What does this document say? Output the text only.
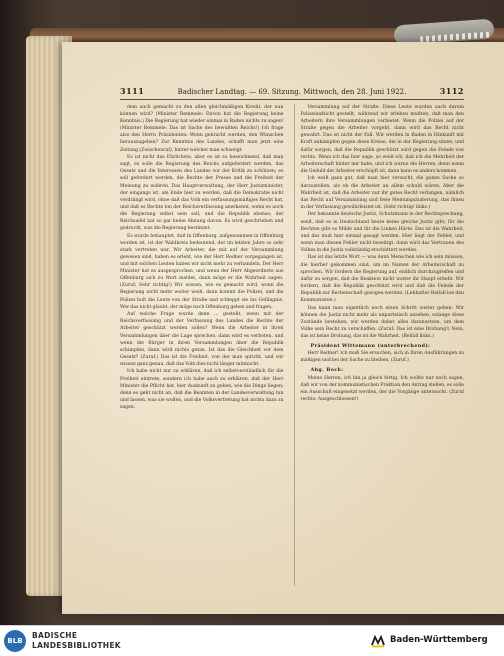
3111	Badischer Landtag. — 69. Sitzung. Mittwoch, den 28. Juni 1922.	3112

dem auch gemacht zu den allen gleichmäßigen Kredit, der nun können wird? (Minister Remmele: Davon hat die Regierung keine Kenntnis.) Die Regierung hat wieder einmal in Baden nichts zu sagen! (Minister Remmele: Das ist Sache des bewußten Reichs!) Ich frage also den Herrn Präsidenten: Wenn gebracht werden, den Wünschen herauszugehen? Zur Kenntnis des Landes, schafft man jetzt eine Zeitung (Zwischenruf), hinter welcher man schweigt.

Es ist nicht das Ehrlichste, aber es ist so bezeichnend, daß man sagt, es solle die Regierung des Reichs aufgefordert werden, das Gesetz und die Interessen des Landes vor der Kritik zu schützen; es soll gefordert werden, die Rechte der Presse und die Freiheit der Meinung zu wahren. Das Hauptverwaltung, der Herr Justizminister, der eingangs ist, am Ende hier zu werden, daß die Demokratie nicht verdrängt wird, ohne daß das Volk ein verfassungsmäßiges Recht hat, und daß es Rechte bei der Reichsverfassung anerkennt, wenn es auch die Regierung selbst sein soll, und die Republik ebenso; der Reichsadel hat so gar keine Ahnung davon. Es wird geschrieben und gedruckt, was die Regierung bestimmt.

Es wurde behauptet, daß in Offenburg, aufgenommen in Offenburg worden ist, ist der Wahlkreis bedeutend, der im letzten Jahre so sehr stark vertreten war. Wir Arbeiter, die mit auf der Versammlung gewesen sind, haben es erlebt, wie der Herr Redner vorgegangen ist, und mit solchen Leuten haben wir nicht mehr zu verhandeln. Der Herr Minister hat es ausgesprochen, und wenn der Herr Abgeordnete aus Offenburg sich zu Wort meldet, dann möge er die Wahrheit sagen. (Zuruf: Sehr richtig!) Wir wissen, wie es gemacht wird, wenn die Regierung nicht mehr weiter weiß, dann kommt die Polizei, und die Polizei holt die Leute von der Straße und schleppt sie ins Gefängnis. Wer das nicht glaubt, der möge nach Offenburg gehen und fragen.

Auf welche Frage wurde denn ... gestellt, wenn mit der Reichsverfassung und der Verfassung des Landes die Rechte der Arbeiter geschützt werden sollen? Wenn die Arbeiter in ihren Versammlungen über die Lage sprechen, dann wird es verboten, und wenn die Bürger in ihren Versammlungen über die Republik schimpfen, dann wird nichts getan. Ist das die Gleichheit vor dem Gesetz? (Zuruf.) Das ist die Freiheit, von der man spricht, und wir wissen ganz genau, daß das Volk dies nicht länger mitmacht.

Ich habe nicht nur zu erklären, daß ich selbstverständlich für die Freiheit eintrete, sondern ich habe auch zu erklären, daß der Herr Minister die Pflicht hat, hier Auskunft zu geben, wie die Dinge liegen; denn es geht nicht an, daß die Beamten in der Landesverwaltung tun und lassen, was sie wollen, und die Volksvertretung hat nichts dazu zu sagen.

Versammlung auf der Straße. Diese Leute wurden auch darum Polizeiaufsicht gestellt, während wir erleben mußten, daß man den Arbeitern ihre Versammlungen verbietet. Wenn die Polizei auf der Straße gegen die Arbeiter vorgeht, dann wird das Recht nicht gewahrt. Das ist nicht der Fall. Wir werden in Baden in Hinkunft mit Kraft ankämpfen gegen diese Kreise, die in der Regierung sitzen, und dafür sorgen, daß die Republik geschützt wird gegen die Feinde von rechts. Wenn ich das hier sage, so weiß ich, daß ich die Mehrheit der Arbeiterschaft hinter mir habe, und ich warne die Herren, denn wenn die Geduld der Arbeiter erschöpft ist, dann kann es anders kommen.

Ich weiß ganz gut, daß man hier versucht, die ganze Sache so darzustellen, als ob die Arbeiter an allem schuld wären. Aber die Wahrheit ist, daß die Arbeiter nur ihr gutes Recht verlangen, nämlich das Recht auf Versammlung und freie Meinungsäußerung, das ihnen in der Verfassung gewährleistet ist. (Sehr richtig! links.)

Der bekannte deutsche Justiz, Schutzmann in der Rechtsprechung, weiß, daß es in Deutschland heute keine gleiche Justiz gibt; für die Rechten gibt es Milde und für die Linken Härte. Das ist die Wahrheit, und das muß hier einmal gesagt werden. Hier liegt der Fehler, und wenn man diesen Fehler nicht beseitigt, dann wird das Vertrauen des Volkes in die Justiz vollständig erschüttert werden.

Das ist das letzte Wort — was denn Menschen wie ich sein müssen, die hierher gekommen sind, um im Namen der Arbeiterschaft zu sprechen. Wir fordern die Regierung auf, endlich durchzugreifen und dafür zu sorgen, daß die Reaktion nicht weiter ihr Haupt erhebt. Wir fordern, daß die Republik geschützt wird und daß die Feinde der Republik zur Rechenschaft gezogen werden. (Lebhafter Beifall bei den Kommunisten.)

Das kann man eigentlich noch einen Schritt weiter gehen: Wir können die Justiz nicht mehr als unparteiisch ansehen, solange diese Zustände bestehen; wir werden daher alles daransetzen, um dem Volke sein Recht zu verschaffen. (Zuruf: Das ist eine Drohung!) Nein, das ist keine Drohung, das ist die Wahrheit. (Beifall links.)

Präsident Wittemann (unterbrechend):

Herr Redner! Ich muß Sie ersuchen, sich in Ihren Ausführungen zu mäßigen und bei der Sache zu bleiben. (Zuruf.)

Abg. Bock:

Meine Herren, ich bin ja gleich fertig. Ich wollte nur noch sagen, daß wir von der kommunistischen Fraktion den Antrag stellen, es solle ein Ausschuß eingesetzt werden, der die Vorgänge untersucht. (Zuruf rechts: Ausgeschlossen!)

BLB
BADISCHE
LANDESBIBLIOTHEK
Baden-Württemberg
